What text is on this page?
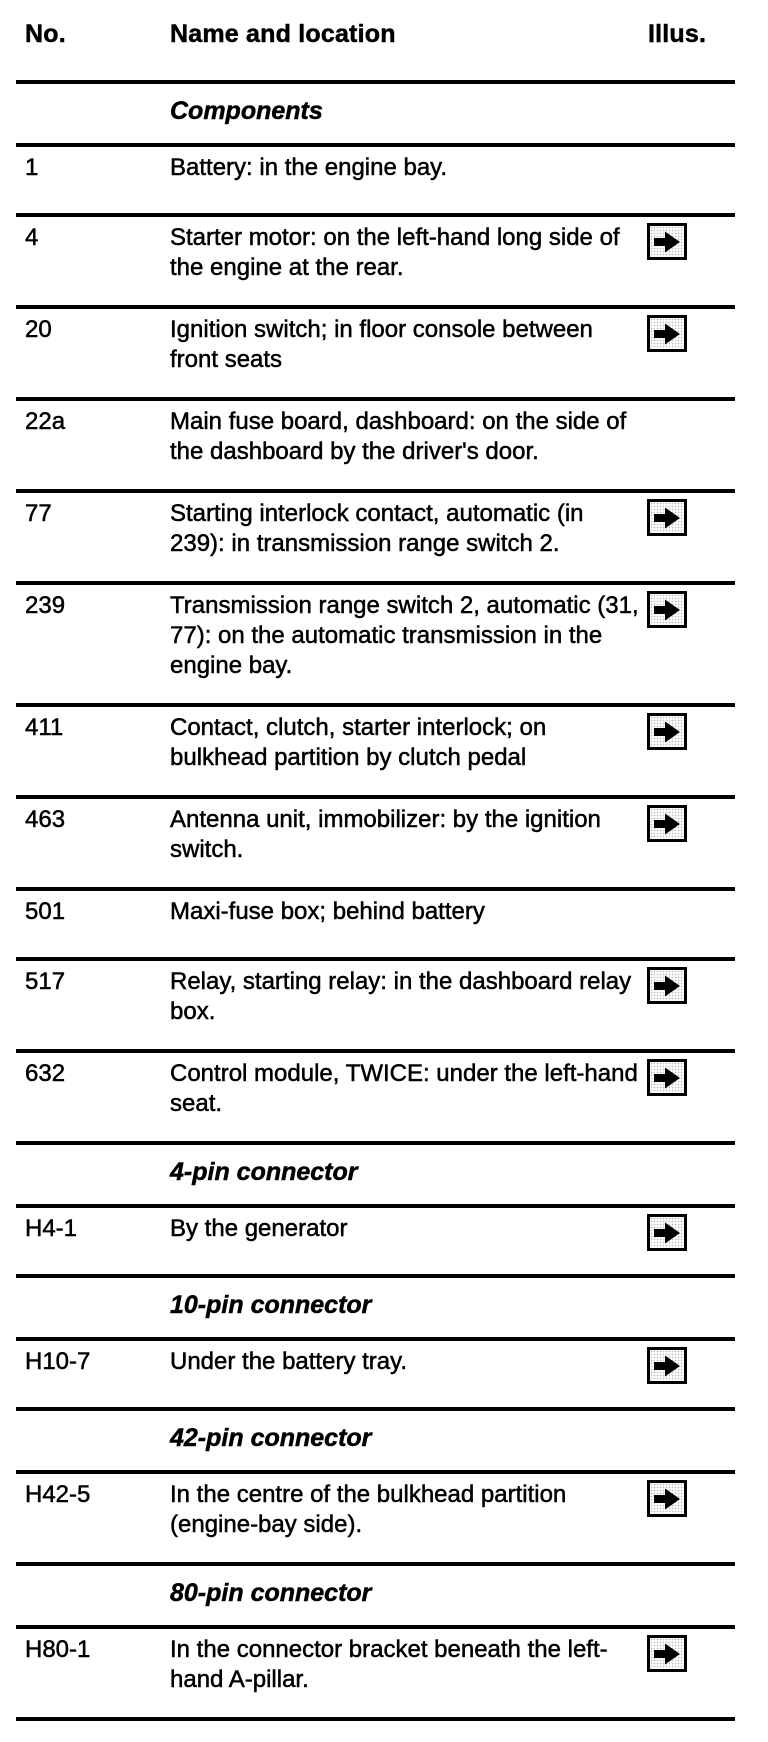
No.	Name and location	Illus.
Components
1	Battery: in the engine bay.
4	Starter motor: on the left-hand long side of the engine at the rear.
20	Ignition switch; in floor console between front seats
22a	Main fuse board, dashboard: on the side of the dashboard by the driver's door.
77	Starting interlock contact, automatic (in 239): in transmission range switch 2.
239	Transmission range switch 2, automatic (31, 77): on the automatic transmission in the engine bay.
411	Contact, clutch, starter interlock; on bulkhead partition by clutch pedal
463	Antenna unit, immobilizer: by the ignition switch.
501	Maxi-fuse box; behind battery
517	Relay, starting relay: in the dashboard relay box.
632	Control module, TWICE: under the left-hand seat.
4-pin connector
H4-1	By the generator
10-pin connector
H10-7	Under the battery tray.
42-pin connector
H42-5	In the centre of the bulkhead partition (engine-bay side).
80-pin connector
H80-1	In the connector bracket beneath the left-hand A-pillar.
